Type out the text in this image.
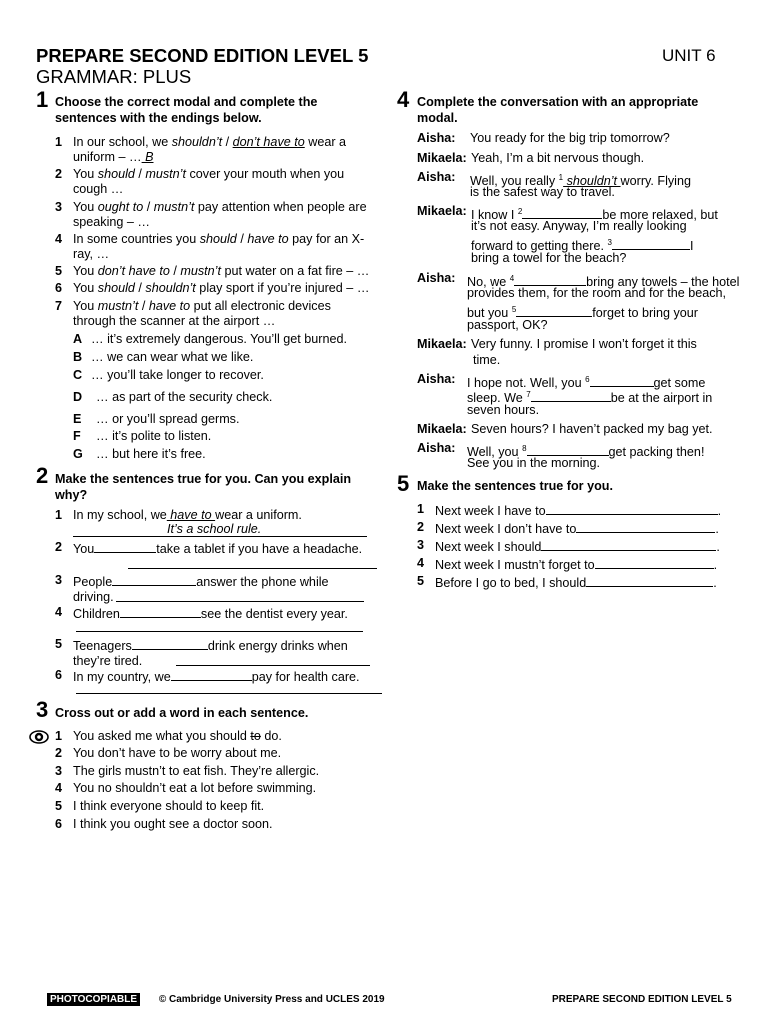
PREPARE SECOND EDITION LEVEL 5
GRAMMAR: PLUS
UNIT 6
1 Choose the correct modal and complete the sentences with the endings below.
1 In our school, we shouldn’t / don’t have to wear a uniform – … B
2 You should / mustn’t cover your mouth when you cough …
3 You ought to / mustn’t pay attention when people are speaking – …
4 In some countries you should / have to pay for an X-ray, …
5 You don’t have to / mustn’t put water on a fat fire – …
6 You should / shouldn’t play sport if you’re injured – …
7 You mustn’t / have to put all electronic devices through the scanner at the airport …
A … it’s extremely dangerous. You’ll get burned.
B … we can wear what we like.
C … you’ll take longer to recover.
D … as part of the security check.
E … or you’ll spread germs.
F … it’s polite to listen.
G … but here it’s free.
2 Make the sentences true for you. Can you explain why?
1 In my school, we have to wear a uniform.
It’s a school rule.
2 You	take a tablet if you have a headache.
3 People	answer the phone while driving.
4 Children	see the dentist every year.
5 Teenagers	drink energy drinks when they’re tired.
6 In my country, we	pay for health care.
3 Cross out or add a word in each sentence.
1 You asked me what you should to do.
2 You don’t have to be worry about me.
3 The girls mustn’t to eat fish. They’re allergic.
4 You no shouldn’t eat a lot before swimming.
5 I think everyone should to keep fit.
6 I think you ought see a doctor soon.
4 Complete the conversation with an appropriate modal.
Aisha: You ready for the big trip tomorrow?
Mikaela: Yeah, I’m a bit nervous though.
Aisha: Well, you really $^1$ shouldn’t worry. Flying
is the safest way to travel.
Mikaela: I know I $^2$	be more relaxed, but
it’s not easy. Anyway, I’m really looking
forward to getting there. $^3$	I
bring a towel for the beach?
Aisha: No, we $^4$	bring any towels – the hotel
provides them, for the room and for the beach,
but you $^5$	forget to bring your
passport, OK?
Mikaela: Very funny. I promise I won’t forget it this
time.
Aisha: I hope not. Well, you $^6$	get some
sleep. We $^7$	be at the airport in
seven hours.
Mikaela: Seven hours? I haven’t packed my bag yet.
Aisha: Well, you $^8$	get packing then!
See you in the morning.
5 Make the sentences true for you.
1 Next week I have to	.
2 Next week I don’t have to	.
3 Next week I should	.
4 Next week I mustn’t forget to	.
5 Before I go to bed, I should	.
PHOTOCOPIABLE © Cambridge University Press and UCLES 2019	PREPARE SECOND EDITION LEVEL 5
